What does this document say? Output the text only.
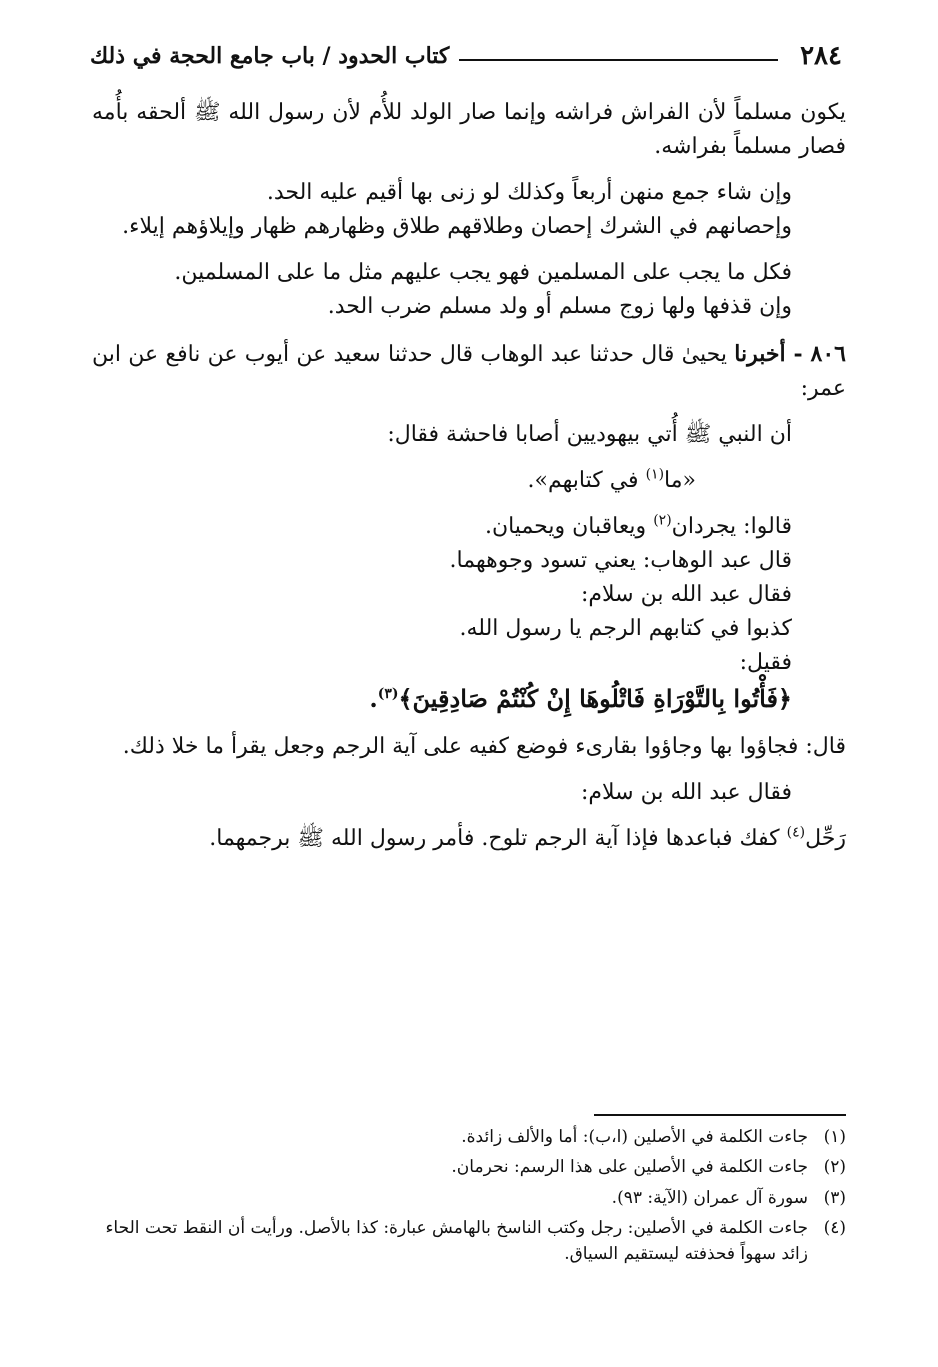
٢٨٤
كتاب الحدود / باب جامع الحجة في ذلك

يكون مسلماً لأن الفراش فراشه وإنما صار الولد للأُم لأن رسول الله ﷺ ألحقه بأُمه فصار مسلماً بفراشه.

وإن شاء جمع منهن أربعاً وكذلك لو زنى بها أقيم عليه الحد.

وإحصانهم في الشرك إحصان وطلاقهم طلاق وظهارهم ظهار وإيلاؤهم إيلاء.

فكل ما يجب على المسلمين فهو يجب عليهم مثل ما على المسلمين.

وإن قذفها ولها زوج مسلم أو ولد مسلم ضرب الحد.

٨٠٦ - أخبرنا يحيىٰ قال حدثنا عبد الوهاب قال حدثنا سعيد عن أيوب عن نافع عن ابن عمر:

أن النبي ﷺ أُتي بيهوديين أصابا فاحشة فقال:

«ما$^{(١)}$ في كتابهم».

قالوا: يجردان$^{(٢)}$ ويعاقبان ويحميان.

قال عبد الوهاب: يعني تسود وجوههما.

فقال عبد الله بن سلام:

كذبوا في كتابهم الرجم يا رسول الله.

فقيل:

﴿فَأْتُوا بِالتَّوْرَاةِ فَاتْلُوهَا إِنْ كُنْتُمْ صَادِقِينَ﴾$^{(٣)}$.

قال: فجاؤوا بها وجاؤوا بقارىء فوضع كفيه على آية الرجم وجعل يقرأ ما خلا ذلك.

فقال عبد الله بن سلام:

رَحِّل$^{(٤)}$ كفك فباعدها فإذا آية الرجم تلوح. فأمر رسول الله ﷺ برجمهما.

(١)
جاءت الكلمة في الأصلين (ا،ب): أما والألف زائدة.
(٢)
جاءت الكلمة في الأصلين على هذا الرسم: نحرمان.
(٣)
سورة آل عمران (الآية: ٩٣).
(٤)
جاءت الكلمة في الأصلين: رجل وكتب الناسخ بالهامش عبارة: كذا بالأصل. ورأيت أن النقط تحت الحاء زائد سهواً فحذفته ليستقيم السياق.
